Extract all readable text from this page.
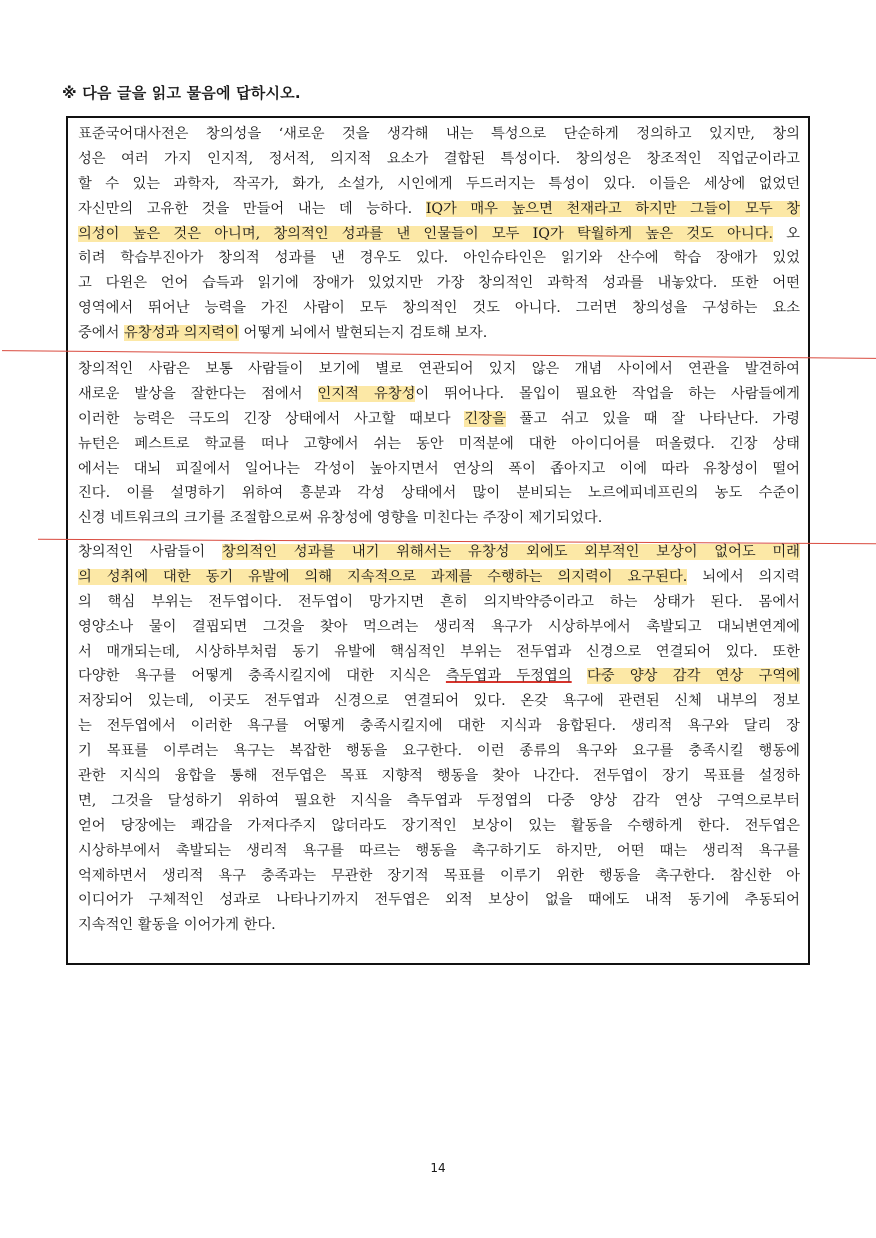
※ 다음 글을 읽고 물음에 답하시오.
표준국어대사전은 창의성을 ‘새로운 것을 생각해 내는 특성으로 단순하게 정의하고 있지만, 창의
성은 여러 가지 인지적, 정서적, 의지적 요소가 결합된 특성이다. 창의성은 창조적인 직업군이라고
할 수 있는 과학자, 작곡가, 화가, 소설가, 시인에게 두드러지는 특성이 있다. 이들은 세상에 없었던
자신만의 고유한 것을 만들어 내는 데 능하다. IQ가 매우 높으면 천재라고 하지만 그들이 모두 창
의성이 높은 것은 아니며, 창의적인 성과를 낸 인물들이 모두 IQ가 탁월하게 높은 것도 아니다. 오
히려 학습부진아가 창의적 성과를 낸 경우도 있다. 아인슈타인은 읽기와 산수에 학습 장애가 있었
고 다윈은 언어 습득과 읽기에 장애가 있었지만 가장 창의적인 과학적 성과를 내놓았다. 또한 어떤
영역에서 뛰어난 능력을 가진 사람이 모두 창의적인 것도 아니다. 그러면 창의성을 구성하는 요소
중에서 유창성과 의지력이 어떻게 뇌에서 발현되는지 검토해 보자.
창의적인 사람은 보통 사람들이 보기에 별로 연관되어 있지 않은 개념 사이에서 연관을 발견하여
새로운 발상을 잘한다는 점에서 인지적 유창성이 뛰어나다. 몰입이 필요한 작업을 하는 사람들에게
이러한 능력은 극도의 긴장 상태에서 사고할 때보다 긴장을 풀고 쉬고 있을 때 잘 나타난다. 가령
뉴턴은 페스트로 학교를 떠나 고향에서 쉬는 동안 미적분에 대한 아이디어를 떠올렸다. 긴장 상태
에서는 대뇌 피질에서 일어나는 각성이 높아지면서 연상의 폭이 좁아지고 이에 따라 유창성이 떨어
진다. 이를 설명하기 위하여 흥분과 각성 상태에서 많이 분비되는 노르에피네프린의 농도 수준이
신경 네트워크의 크기를 조절함으로써 유창성에 영향을 미친다는 주장이 제기되었다.
창의적인 사람들이 창의적인 성과를 내기 위해서는 유창성 외에도 외부적인 보상이 없어도 미래
의 성취에 대한 동기 유발에 의해 지속적으로 과제를 수행하는 의지력이 요구된다. 뇌에서 의지력
의 핵심 부위는 전두엽이다. 전두엽이 망가지면 흔히 의지박약증이라고 하는 상태가 된다. 몸에서
영양소나 물이 결핍되면 그것을 찾아 먹으려는 생리적 욕구가 시상하부에서 촉발되고 대뇌변연계에
서 매개되는데, 시상하부처럼 동기 유발에 핵심적인 부위는 전두엽과 신경으로 연결되어 있다. 또한
다양한 욕구를 어떻게 충족시킬지에 대한 지식은 측두엽과 두정엽의 다중 양상 감각 연상 구역에
저장되어 있는데, 이곳도 전두엽과 신경으로 연결되어 있다. 온갖 욕구에 관련된 신체 내부의 정보
는 전두엽에서 이러한 욕구를 어떻게 충족시킬지에 대한 지식과 융합된다. 생리적 욕구와 달리 장
기 목표를 이루려는 욕구는 복잡한 행동을 요구한다. 이런 종류의 욕구와 요구를 충족시킬 행동에
관한 지식의 융합을 통해 전두엽은 목표 지향적 행동을 찾아 나간다. 전두엽이 장기 목표를 설정하
면, 그것을 달성하기 위하여 필요한 지식을 측두엽과 두정엽의 다중 양상 감각 연상 구역으로부터
얻어 당장에는 쾌감을 가져다주지 않더라도 장기적인 보상이 있는 활동을 수행하게 한다. 전두엽은
시상하부에서 촉발되는 생리적 욕구를 따르는 행동을 촉구하기도 하지만, 어떤 때는 생리적 욕구를
억제하면서 생리적 욕구 충족과는 무관한 장기적 목표를 이루기 위한 행동을 촉구한다. 참신한 아
이디어가 구체적인 성과로 나타나기까지 전두엽은 외적 보상이 없을 때에도 내적 동기에 추동되어
지속적인 활동을 이어가게 한다.
14
